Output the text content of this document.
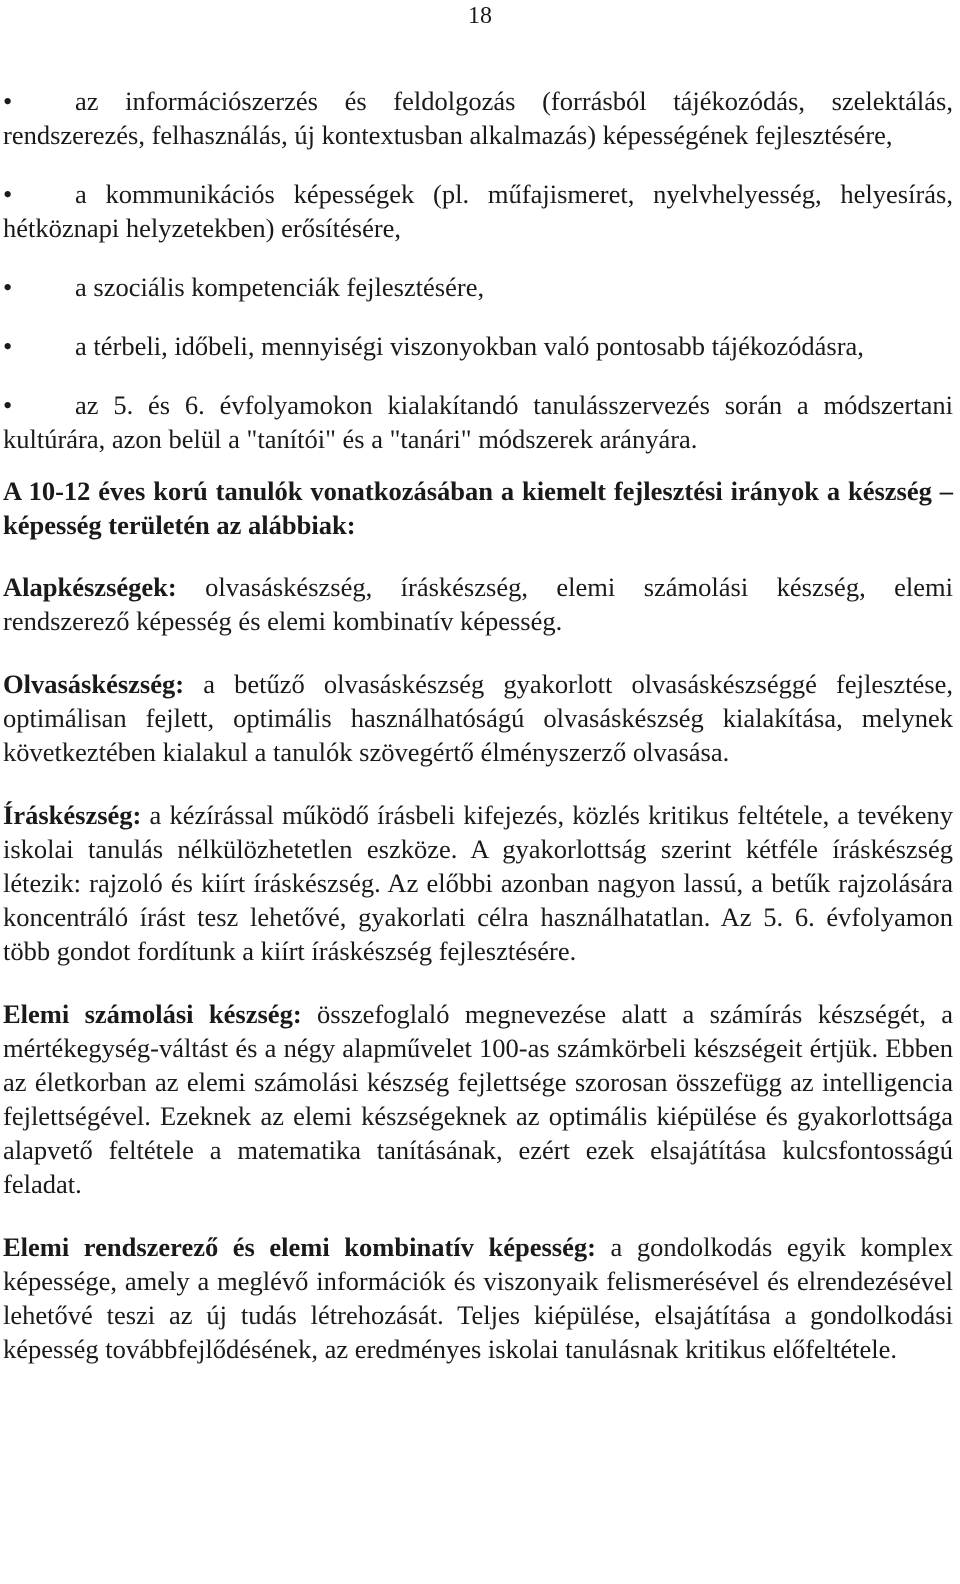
18
• az információszerzés és feldolgozás (forrásból tájékozódás, szelektálás, rendszerezés, felhasználás, új kontextusban alkalmazás) képességének fejlesztésére,
• a kommunikációs képességek (pl. műfajismeret, nyelvhelyesség, helyesírás, hétköznapi helyzetekben) erősítésére,
• a szociális kompetenciák fejlesztésére,
• a térbeli, időbeli, mennyiségi viszonyokban való pontosabb tájékozódásra,
• az 5. és 6. évfolyamokon kialakítandó tanulásszervezés során a módszertani kultúrára, azon belül a "tanítói" és a "tanári" módszerek arányára.

A 10-12 éves korú tanulók vonatkozásában a kiemelt fejlesztési irányok a készség – képesség területén az alábbiak:

Alapkészségek: olvasáskészség, íráskészség, elemi számolási készség, elemi rendszerező képesség és elemi kombinatív képesség.

Olvasáskészség: a betűző olvasáskészség gyakorlott olvasáskészséggé fejlesztése, optimálisan fejlett, optimális használhatóságú olvasáskészség kialakítása, melynek következtében kialakul a tanulók szövegértő élményszerző olvasása.

Íráskészség: a kézírással működő írásbeli kifejezés, közlés kritikus feltétele, a tevékeny iskolai tanulás nélkülözhetetlen eszköze. A gyakorlottság szerint kétféle íráskészség létezik: rajzoló és kiírt íráskészség. Az előbbi azonban nagyon lassú, a betűk rajzolására koncentráló írást tesz lehetővé, gyakorlati célra használhatatlan. Az 5. 6. évfolyamon több gondot fordítunk a kiírt íráskészség fejlesztésére.

Elemi számolási készség: összefoglaló megnevezése alatt a számírás készségét, a mértékegység-váltást és a négy alapművelet 100-as számkörbeli készségeit értjük. Ebben az életkorban az elemi számolási készség fejlettsége szorosan összefügg az intelligencia fejlettségével. Ezeknek az elemi készségeknek az optimális kiépülése és gyakorlottsága alapvető feltétele a matematika tanításának, ezért ezek elsajátítása kulcsfontosságú feladat.

Elemi rendszerező és elemi kombinatív képesség: a gondolkodás egyik komplex képessége, amely a meglévő információk és viszonyaik felismerésével és elrendezésével lehetővé teszi az új tudás létrehozását. Teljes kiépülése, elsajátítása a gondolkodási képesség továbbfejlődésének, az eredményes iskolai tanulásnak kritikus előfeltétele.
